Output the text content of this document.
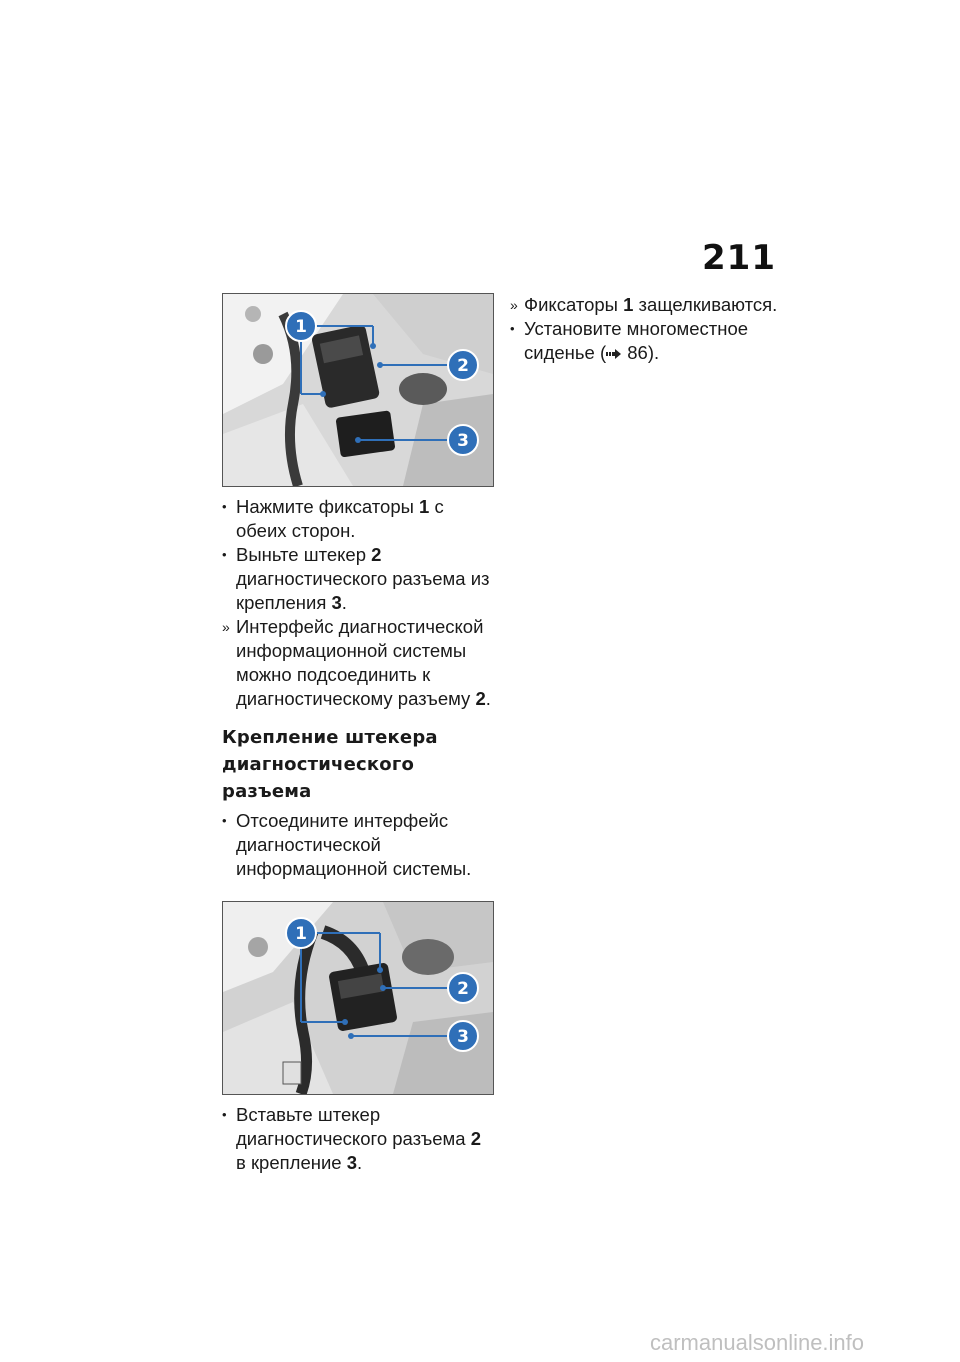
211
1
2
3

• Нажмите фиксаторы 1 с обеих сторон.

• Выньте штекер 2 диагностического разъема из крепления 3.

» Интерфейс диагностической информационной системы можно подсоединить к диагностическому разъему 2.

Крепление штекера диагностического разъема

• Отсоедините интерфейс диагностической информационной системы.

1
2
3

• Вставьте штекер диагностического разъема 2 в крепление 3.

» Фиксаторы 1 защелкиваются.

• Установите многоместное сиденье ( 86).

carmanualsonline.info
